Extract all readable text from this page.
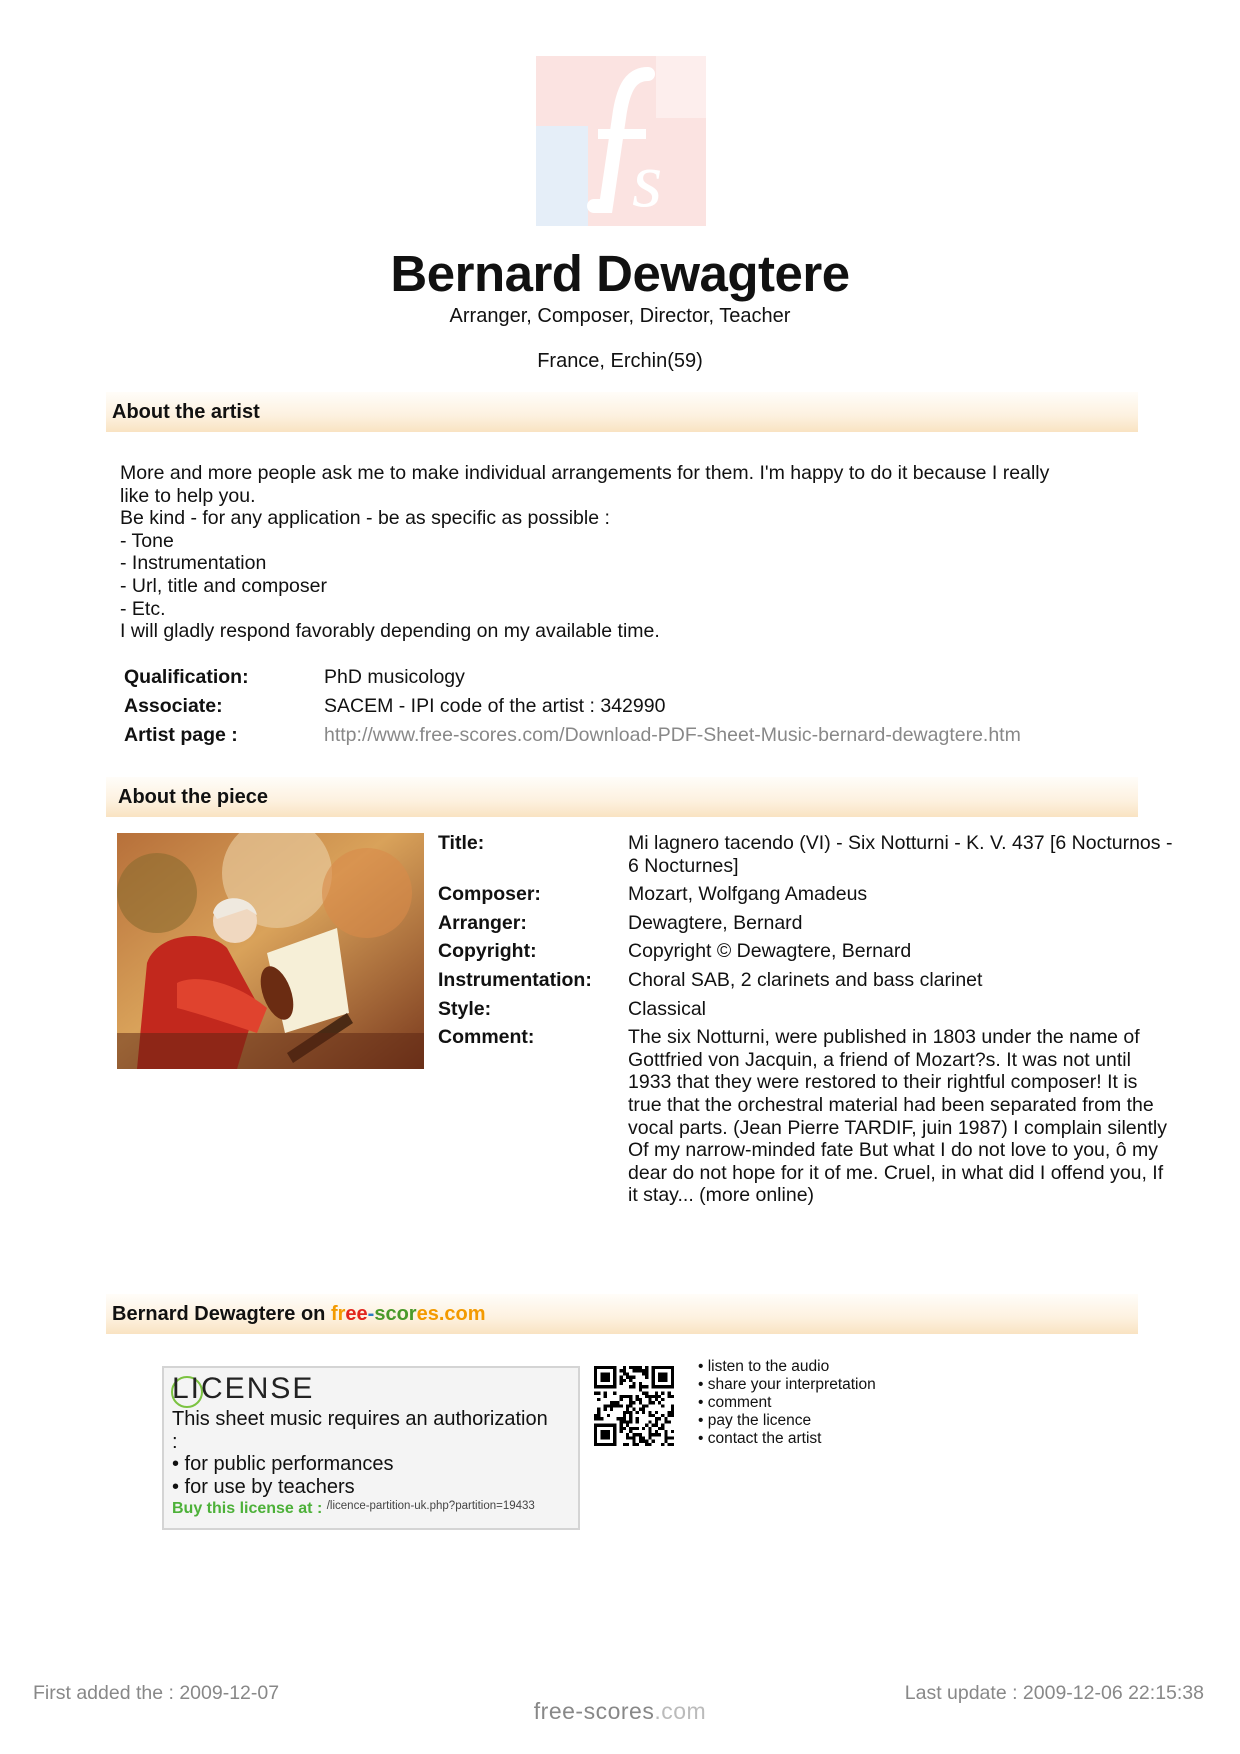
s
Bernard Dewagtere
Arranger, Composer, Director, Teacher
France, Erchin(59)
About the artist
More and more people ask me to make individual arrangements for them. I'm happy to do it because I really
like to help you.
Be kind - for any application - be as specific as possible :
- Tone
- Instrumentation
- Url, title and composer
- Etc.
I will gladly respond favorably depending on my available time.
Qualification:	PhD musicology
Associate:	SACEM - IPI code of the artist : 342990
Artist page :	http://www.free-scores.com/Download-PDF-Sheet-Music-bernard-dewagtere.htm
About the piece
Title:	Mi lagnero tacendo (VI) - Six Notturni - K. V. 437 [6 Nocturnos - 6 Nocturnes]
Composer:	Mozart, Wolfgang Amadeus
Arranger:	Dewagtere, Bernard
Copyright:	Copyright © Dewagtere, Bernard
Instrumentation:	Choral SAB, 2 clarinets and bass clarinet
Style:	Classical
Comment:	The six Notturni, were published in 1803 under the name of Gottfried von Jacquin, a friend of Mozart?s. It was not until 1933 that they were restored to their rightful composer! It is true that the orchestral material had been separated from the vocal parts. (Jean Pierre TARDIF, juin 1987) I complain silently Of my narrow-minded fate But what I do not love to you, ô my dear do not hope for it of me. Cruel, in what did I offend you, If it stay... (more online)
Bernard Dewagtere on free-scores.com
LICENSE
This sheet music requires an authorization
:
• for public performances
• for use by teachers
Buy this license at : $^{/licence-partition-uk.php?partition=19433}$
• listen to the audio
• share your interpretation
• comment
• pay the licence
• contact the artist
First added the : 2009-12-07	Last update : 2009-12-06 22:15:38
free-scores.com
